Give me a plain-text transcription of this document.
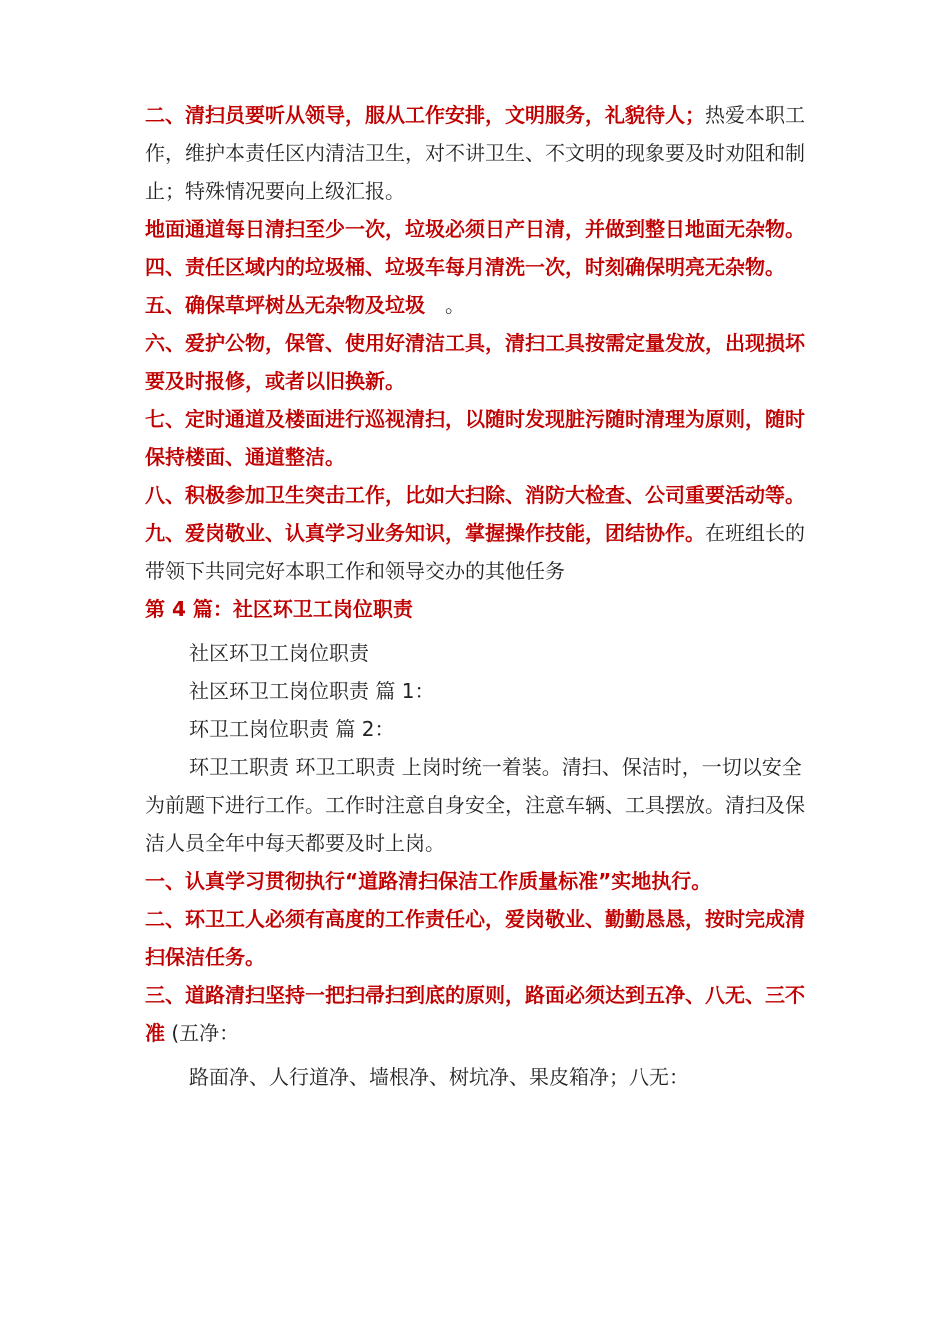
二、清扫员要听从领导，服从工作安排，文明服务，礼貌待人；热爱本职工作，维护本责任区内清洁卫生，对不讲卫生、不文明的现象要及时劝阻和制止；特殊情况要向上级汇报。

地面通道每日清扫至少一次，垃圾必须日产日清，并做到整日地面无杂物。

四、责任区域内的垃圾桶、垃圾车每月清洗一次，时刻确保明亮无杂物。

五、确保草坪树丛无杂物及垃圾　。

六、爱护公物，保管、使用好清洁工具，清扫工具按需定量发放，出现损坏要及时报修，或者以旧换新。

七、定时通道及楼面进行巡视清扫，以随时发现脏污随时清理为原则，随时保持楼面、通道整洁。

八、积极参加卫生突击工作，比如大扫除、消防大检查、公司重要活动等。

九、爱岗敬业、认真学习业务知识，掌握操作技能，团结协作。在班组长的带领下共同完好本职工作和领导交办的其他任务

第 4 篇：社区环卫工岗位职责

社区环卫工岗位职责

社区环卫工岗位职责 篇 1：

环卫工岗位职责 篇 2：

环卫工职责 环卫工职责 上岗时统一着装。清扫、保洁时，一切以安全为前题下进行工作。工作时注意自身安全，注意车辆、工具摆放。清扫及保洁人员全年中每天都要及时上岗。

一、认真学习贯彻执行“道路清扫保洁工作质量标准”实地执行。

二、环卫工人必须有高度的工作责任心，爱岗敬业、勤勤恳恳，按时完成清扫保洁任务。

三、道路清扫坚持一把扫帚扫到底的原则，路面必须达到五净、八无、三不准 (五净：

路面净、人行道净、墙根净、树坑净、果皮箱净；八无：
